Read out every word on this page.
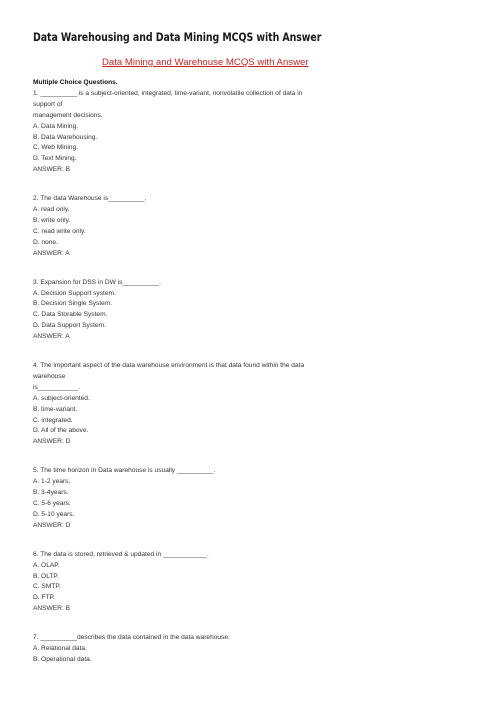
Data Warehousing and Data Mining MCQS with Answer
Data Mining and Warehouse MCQS with Answer
Multiple Choice Questions.
1. __________ is a subject-oriented, integrated, time-variant, nonvolatile collection of data in
support of
management decisions.
A. Data Mining.
B. Data Warehousing.
C. Web Mining.
D. Text Mining.
ANSWER: B
2. The data Warehouse is__________.
A. read only.
B. write only.
C. read write only.
D. none.
ANSWER: A
3. Expansion for DSS in DW is__________.
A. Decision Support system.
B. Decision Single System.
C. Data Storable System.
D. Data Support System.
ANSWER: A
4. The important aspect of the data warehouse environment is that data found within the data
warehouse
is___________.
A. subject-oriented.
B. time-variant.
C. integrated.
D. All of the above.
ANSWER: D
5. The time horizon in Data warehouse is usually __________.
A. 1-2 years.
B. 3-4years.
C. 5-6 years.
D. 5-10 years.
ANSWER: D
6. The data is stored, retrieved & updated in ____________.
A. OLAP.
B. OLTP.
C. SMTP.
D. FTP.
ANSWER: B
7. __________describes the data contained in the data warehouse.
A. Relational data.
B. Operational data.
